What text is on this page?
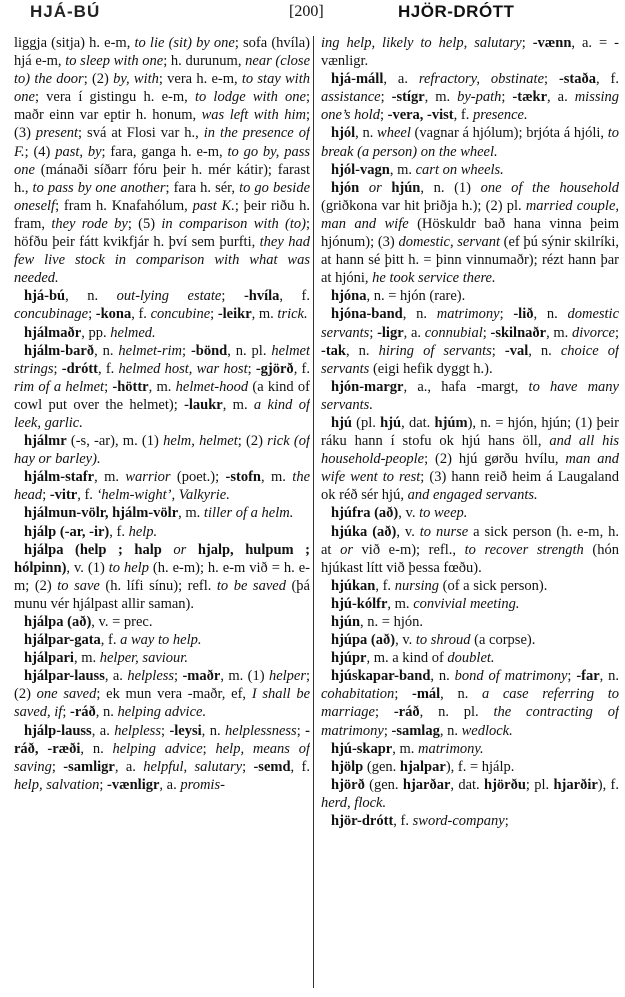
HJÁ-BÚ	[200]	HJÖR-DRÓTT

liggja (sitja) h. e-m, to lie (sit) by one; sofa (hvíla) hjá e-m, to sleep with one; h. durunum, near (close to) the door; (2) by, with; vera h. e-m, to stay with one; vera í gistingu h. e-m, to lodge with one; maðr einn var eptir h. honum, was left with him; (3) present; svá at Flosi var h., in the presence of F.; (4) past, by; fara, ganga h. e-m, to go by, pass one (mánaði síðarr fóru þeir h. mér kátir); farast h., to pass by one another; fara h. sér, to go beside oneself; fram h. Knafahólum, past K.; þeir riðu h. fram, they rode by; (5) in comparison with (to); höfðu þeir fátt kvikfjár h. því sem þurfti, they had few live stock in comparison with what was needed.

hjá-bú, n. out-lying estate; -hvíla, f. concubinage; -kona, f. concubine; -leikr, m. trick.

hjálmaðr, pp. helmed.

hjálm-barð, n. helmet-rim; -bönd, n. pl. helmet strings; -drótt, f. helmed host, war host; -gjörð, f. rim of a helmet; -höttr, m. helmet-hood (a kind of cowl put over the helmet); -laukr, m. a kind of leek, garlic.

hjálmr (-s, -ar), m. (1) helm, helmet; (2) rick (of hay or barley).

hjálm-stafr, m. warrior (poet.); -stofn, m. the head; -vitr, f. ‘helm-wight’, Valkyrie.

hjálmun-völr, hjálm-völr, m. tiller of a helm.

hjálp (-ar, -ir), f. help.

hjálpa (help ; halp or hjalp, hulpum ; hólpinn), v. (1) to help (h. e-m); h. e-m við = h. e-m; (2) to save (h. lífi sínu); refl. to be saved (þá munu vér hjálpast allir saman).

hjálpa (að), v. = prec.

hjálpar-gata, f. a way to help.

hjálpari, m. helper, saviour.

hjálpar-lauss, a. helpless; -maðr, m. (1) helper; (2) one saved; ek mun vera -maðr, ef, I shall be saved, if; -ráð, n. helping advice.

hjálp-lauss, a. helpless; -leysi, n. helplessness; -ráð, -ræði, n. helping advice; help, means of saving; -samligr, a. helpful, salutary; -semd, f. help, salvation; -vænligr, a. promis-

ing help, likely to help, salutary; -vænn, a. = -vænligr.

hjá-máll, a. refractory, obstinate; -staða, f. assistance; -stígr, m. by-path; -tækr, a. missing one’s hold; -vera, -vist, f. presence.

hjól, n. wheel (vagnar á hjólum); brjóta á hjóli, to break (a person) on the wheel.

hjól-vagn, m. cart on wheels.

hjón or hjún, n. (1) one of the household (griðkona var hit þriðja h.); (2) pl. married couple, man and wife (Höskuldr bað hana vinna þeim hjónum); (3) domestic, servant (ef þú sýnir skilríki, at hann sé þitt h. = þinn vinnumaðr); rézt hann þar at hjóni, he took service there.

hjóna, n. = hjón (rare).

hjóna-band, n. matrimony; -lið, n. domestic servants; -ligr, a. connubial; -skilnaðr, m. divorce; -tak, n. hiring of servants; -val, n. choice of servants (eigi hefik dyggt h.).

hjón-margr, a., hafa -margt, to have many servants.

hjú (pl. hjú, dat. hjúm), n. = hjón, hjún; (1) þeir ráku hann í stofu ok hjú hans öll, and all his household-people; (2) hjú gørðu hvílu, man and wife went to rest; (3) hann reið heim á Laugaland ok réð sér hjú, and engaged servants.

hjúfra (að), v. to weep.

hjúka (að), v. to nurse a sick person (h. e-m, h. at or við e-m); refl., to recover strength (hón hjúkast lítt við þessa fœðu).

hjúkan, f. nursing (of a sick person).

hjú-kólfr, m. convivial meeting.

hjún, n. = hjón.

hjúpa (að), v. to shroud (a corpse).

hjúpr, m. a kind of doublet.

hjúskapar-band, n. bond of matrimony; -far, n. cohabitation; -mál, n. a case referring to marriage; -ráð, n. pl. the contracting of matrimony; -samlag, n. wedlock.

hjú-skapr, m. matrimony.

hjölp (gen. hjalpar), f. = hjálp.

hjörð (gen. hjarðar, dat. hjörðu; pl. hjarðir), f. herd, flock.

hjör-drótt, f. sword-company;
